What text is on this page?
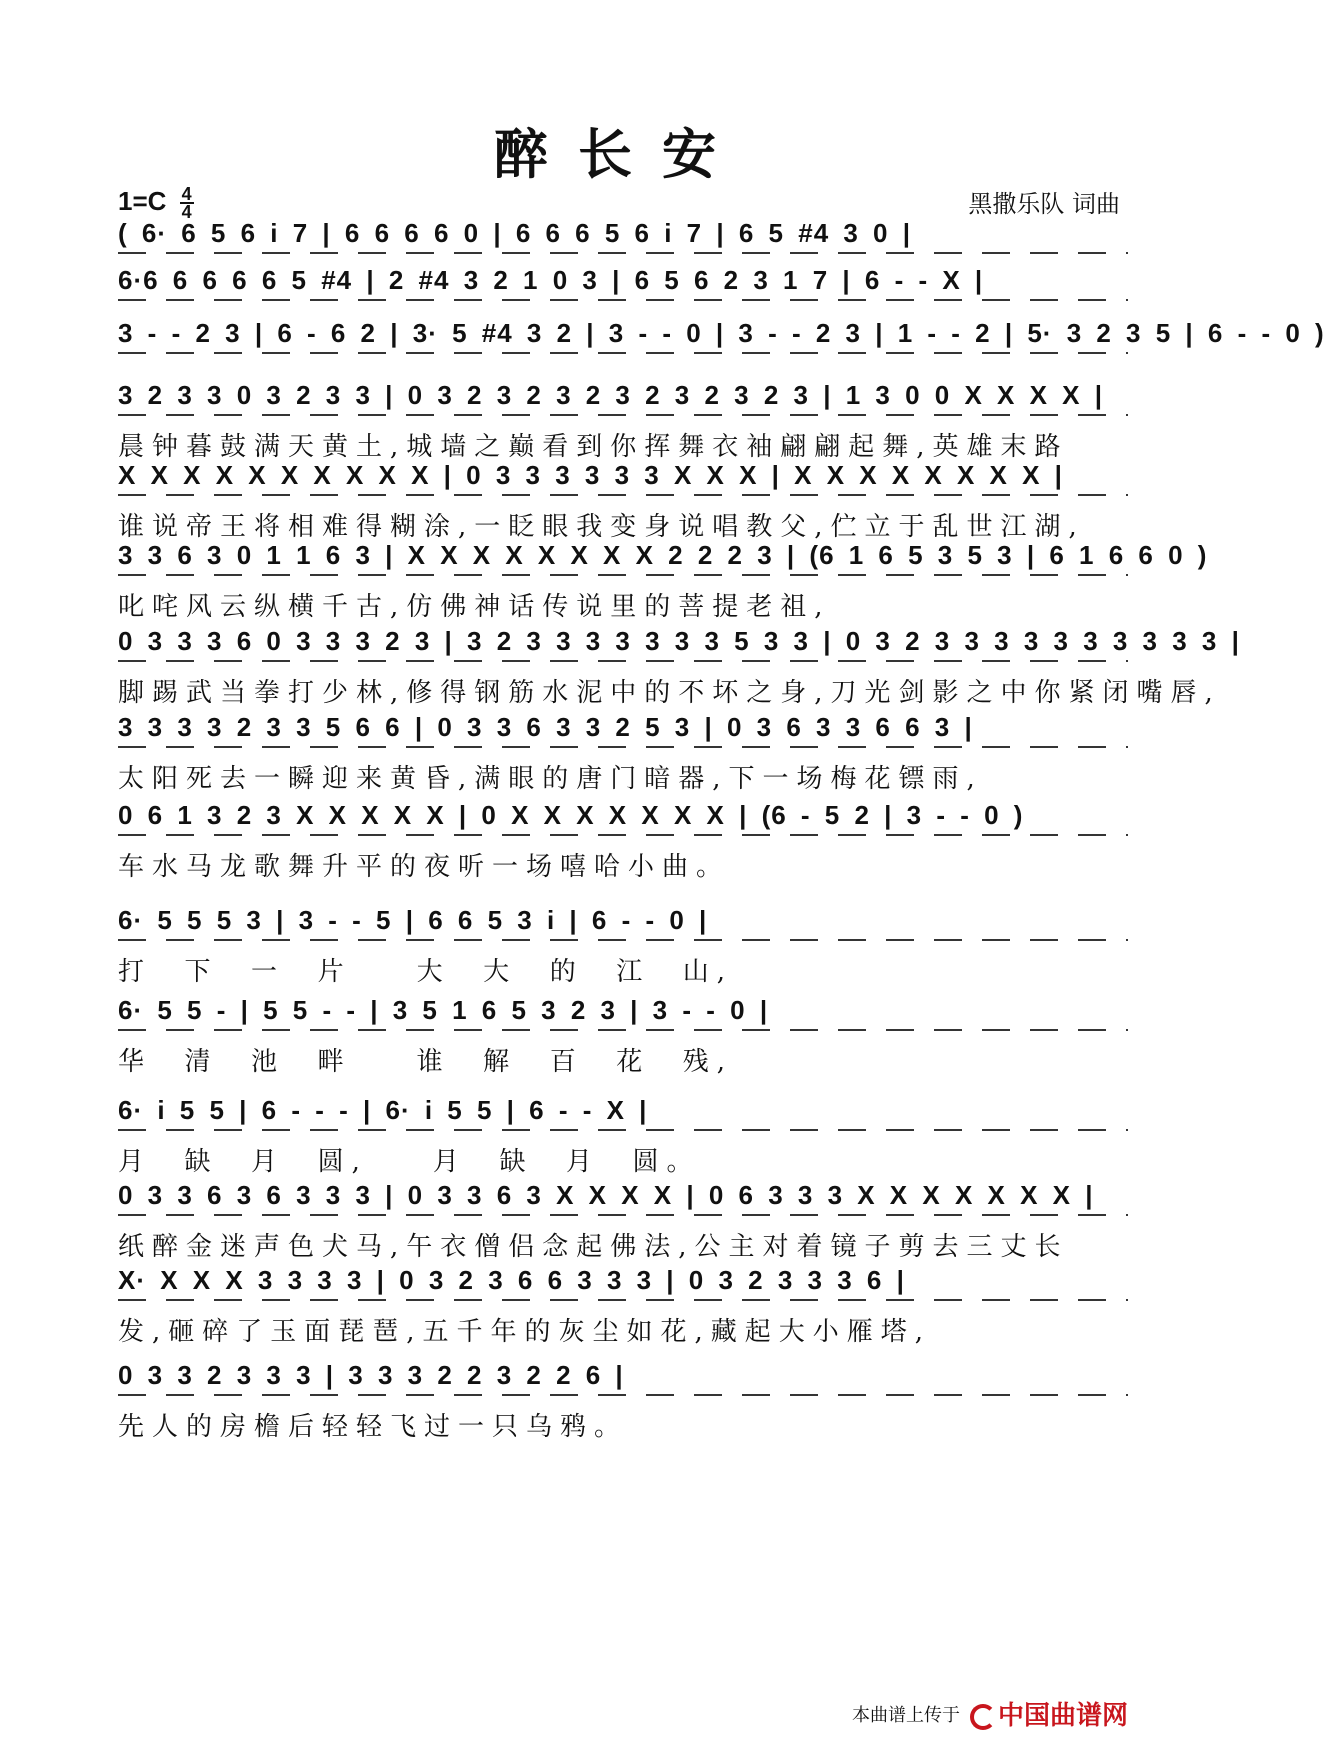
醉长安
$1=C \frac{4}{4}$	黑撒乐队 词曲
( 6· 6 5 6 i 7 | 6 6 6 6 0 | 6 6 6 5 6 i 7 | 6 5 #4 3 0 |
6·6 6 6 6 6 5 #4 | 2 #4 3 2 1 0 3 | 6 5 6 2 3 1 7 | 6 - - X |
3 - - 2 3 | 6 - 6 2 | 3· 5 #4 3 2 | 3 - - 0 | 3 - - 2 3 | 1 - - 2 | 5· 3 2 3 5 | 6 - - 0 )
3 2 3 3 0 3 2 3 3 | 0 3 2 3 2 3 2 3 2 3 2 3 2 3 | 1 3 0 0 X X X X |
晨钟暮鼓满天黄土,城墙之巅看到你挥舞衣袖翩翩起舞,英雄末路
X X X X X X X X X X | 0 3 3 3 3 3 3 X X X | X X X X X X X X |
谁说帝王将相难得糊涂,一眨眼我变身说唱教父,伫立于乱世江湖,
3 3 6 3 0 1 1 6 3 | X X X X X X X X 2 2 2 3 | (6 1 6 5 3 5 3 | 6 1 6 6 0 )
叱咤风云纵横千古,仿佛神话传说里的菩提老祖,
0 3 3 3 6 0 3 3 3 2 3 | 3 2 3 3 3 3 3 3 3 5 3 3 | 0 3 2 3 3 3 3 3 3 3 3 3 3 |
脚踢武当拳打少林,修得钢筋水泥中的不坏之身,刀光剑影之中你紧闭嘴唇,
3 3 3 3 2 3 3 5 6 6 | 0 3 3 6 3 3 2 5 3 | 0 3 6 3 3 6 6 3 |
太阳死去一瞬迎来黄昏,满眼的唐门暗器,下一场梅花镖雨,
0 6 1 3 2 3 X X X X X | 0 X X X X X X X | (6 - 5 2 | 3 - - 0 )
车水马龙歌舞升平的夜听一场嘻哈小曲。
6· 5 5 5 3 | 3 - - 5 | 6 6 5 3 i | 6 - - 0 |
打  下  一  片    大  大  的  江  山,
6· 5 5 - | 5 5 - - | 3 5 1 6 5 3 2 3 | 3 - - 0 |
华  清  池  畔    谁  解  百  花  残,
6· i 5 5 | 6 - - - | 6· i 5 5 | 6 - - X |
月  缺  月  圆,    月  缺  月  圆。
0 3 3 6 3 6 3 3 3 | 0 3 3 6 3 X X X X | 0 6 3 3 3 X X X X X X X |
纸醉金迷声色犬马,午衣僧侣念起佛法,公主对着镜子剪去三丈长
X· X X X 3 3 3 3 | 0 3 2 3 6 6 3 3 3 | 0 3 2 3 3 3 6 |
发,砸碎了玉面琵琶,五千年的灰尘如花,藏起大小雁塔,
0 3 3 2 3 3 3 | 3 3 3 2 2 3 2 2 6 |
先人的房檐后轻轻飞过一只乌鸦。
本曲谱上传于	中国曲谱网
